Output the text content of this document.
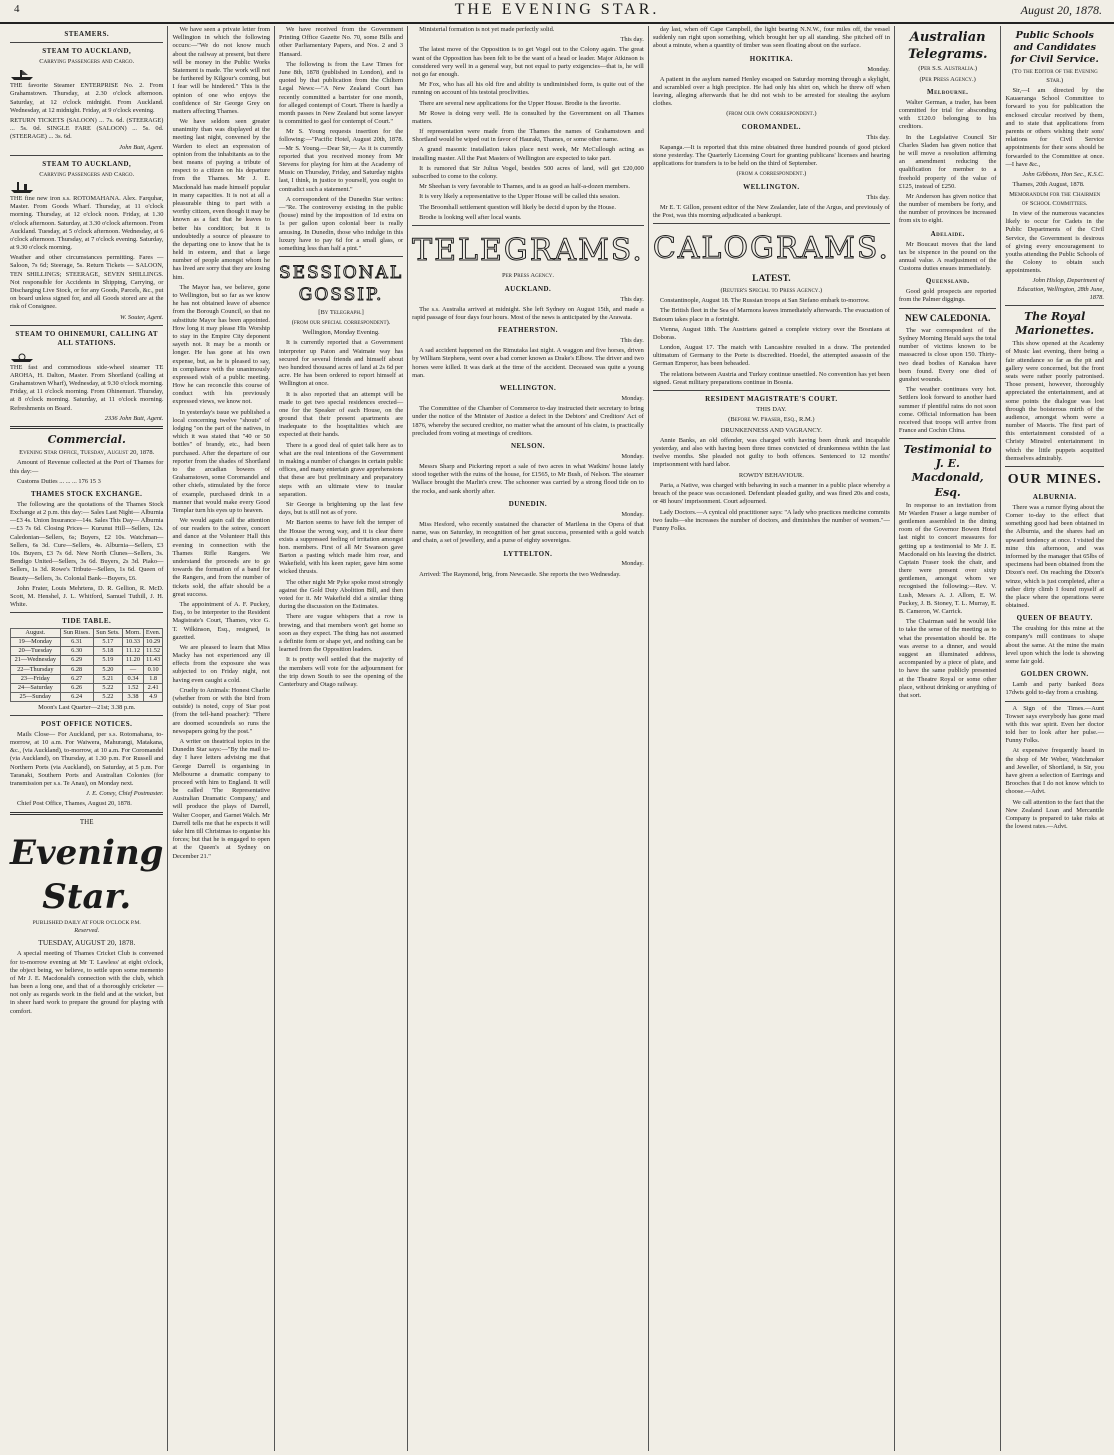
4	THE EVENING STAR.	August 20, 1878.
STEAMERS.
STEAM TO AUCKLAND,
Carrying Passengers and Cargo.

THE favorite Steamer ENTERPRISE No. 2. From Grahamstown. Thursday, at 2.30 o'clock afternoon. Saturday, at 12 o'clock midnight. From Auckland. Wednesday, at 12 midnight. Friday, at 9 o'clock evening.

RETURN TICKETS (SALOON) ... 7s. 6d. (STEERAGE) ... 5s. 0d. SINGLE FARE (SALOON) ... 5s. 0d. (STEERAGE) ... 3s. 6d.

John Butt, Agent.

STEAM TO AUCKLAND,
Carrying Passengers and Cargo.

THE fine new iron s.s. ROTOMAHANA. Alex. Farquhar, Master. From Goods Wharf. Thursday, at 11 o'clock morning. Thursday, at 12 o'clock noon. Friday, at 1.30 o'clock afternoon. Saturday, at 3.30 o'clock afternoon. From Auckland. Tuesday, at 5 o'clock afternoon. Wednesday, at 6 o'clock afternoon. Thursday, at 7 o'clock evening. Saturday, at 9.30 o'clock morning.

Weather and other circumstances permitting. Fares — Saloon, 7s 6d; Steerage, 5s. Return Tickets — SALOON, TEN SHILLINGS; STEERAGE, SEVEN SHILLINGS. Not responsible for Accidents in Shipping, Carrying, or Discharging Live Stock, or for any Goods, Parcels, &c., put on board unless signed for, and all Goods stored are at the risk of Consignee.

W. Souter, Agent.

STEAM TO OHINEMURI, CALLING AT ALL STATIONS.

THE fast and commodious side-wheel steamer TE AROHA, H. Dalton, Master. From Shortland (calling at Grahamstown Wharf), Wednesday, at 9.30 o'clock morning. Friday, at 11 o'clock morning. From Ohinemuri. Thursday, at 8 o'clock morning. Saturday, at 11 o'clock morning. Refreshments on Board.

2336 John Butt, Agent.

Commercial.
Evening Star Office, Tuesday, August 20, 1878.

Amount of Revenue collected at the Port of Thames for this day:—

Customs Duties ... ... ... 176 15 3

THAMES STOCK EXCHANGE.

The following are the quotations of the Thames Stock Exchange at 2 p.m. this day:— Sales Last Night— Alburnia—£3 4s. Union Insurance—14s. Sales This Day— Alburnia—£3 7s 6d. Closing Prices— Kurunui Hill—Sellers, 12s. Caledonian—Sellers, 6s; Buyers, £2 10s. Watchman—Sellers, 6s 3d. Cure—Sellers, 4s. Alburnia—Sellers, £3 10s. Buyers, £3 7s 6d. New North Clunes—Sellers, 3s. Bendigo United—Sellers, 3s 6d. Buyers, 2s 3d. Piako—Sellers, 1s 3d. Rowe's Tribute—Sellers, 1s 6d. Queen of Beauty—Sellers, 3s. Colonial Bank—Buyers, £6.

John Frater, Louis Mehrtens, D. R. Gellion, R. McD. Scott, M. Henshel, J. L. Whitford, Samuel Tuthill, J. H. White.

TIDE TABLE.
August.	Sun Rises.	Sun Sets.	Morn.	Even.
19—Monday	6.31	5.17	10.33	10.29
20—Tuesday	6.30	5.18	11.12	11.52
21—Wednesday	6.29	5.19	11.20	11.43
22—Thursday	6.28	5.20	—	0.10
23—Friday	6.27	5.21	0.34	1.8
24—Saturday	6.26	5.22	1.52	2.41
25—Sunday	6.24	5.22	3.38	4.9

Moon's Last Quarter—21st; 3.38 p.m.

POST OFFICE NOTICES.

Mails Close— For Auckland, per s.s. Rotomahana, to-morrow, at 10 a.m. For Waiwera, Mahurangi, Matakana, &c., (via Auckland), to-morrow, at 10 a.m. For Coromandel (via Auckland), on Thursday, at 1.30 p.m. For Russell and Northern Ports (via Auckland), on Saturday, at 5 p.m. For Taranaki, Southern Ports and Australian Colonies (for transmission per s.s. Te Anau), on Monday next.

J. E. Coney, Chief Postmaster.

Chief Post Office, Thames, August 20, 1878.

THE
Evening Star.
PUBLISHED DAILY AT FOUR O'CLOCK P.M.
Reserved.
TUESDAY, AUGUST 20, 1878.

A special meeting of Thames Cricket Club is convened for to-morrow evening at Mr T. Lawless' at eight o'clock, the object being, we believe, to settle upon some memento of Mr J. E. Macdonald's connection with the club, which has been a long one, and that of a thoroughly cricketer — not only as regards work in the field and at the wicket, but in sheer hard work to prepare the ground for playing with comfort.

We have seen a private letter from Wellington in which the following occurs:—"We do not know much about the railway at present, but there will be money in the Public Works Statement is made. The work will not be furthered by Kilgour's coming, but I fear will be hindered." This is the opinion of one who enjoys the confidence of Sir George Grey on matters affecting Thames.

We have seldom seen greater unanimity than was displayed at the meeting last night, convened by the Warden to elect an expression of opinion from the inhabitants as to the best means of paying a tribute of respect to a citizen on his departure from the Thames. Mr J. E. Macdonald has made himself popular in many capacities. It is not at all a pleasurable thing to part with a worthy citizen, even though it may be known as a fact that he leaves to better his condition; but it is undoubtedly a source of pleasure to the departing one to know that he is held in esteem, and that a large number of people amongst whom he has lived are sorry that they are losing him.

The Mayor has, we believe, gone to Wellington, but so far as we know he has not obtained leave of absence from the Borough Council, so that no substitute Mayor has been appointed. How long it may please His Worship to stay in the Empire City deponent sayeth not. It may be a month or longer. He has gone at his own expense, but, as he is pleased to say, in compliance with the unanimously expressed wish of a public meeting. How he can reconcile this course of conduct with his previously expressed views, we know not.

In yesterday's issue we published a local concerning twelve "shouts" of lodging "on the part of the natives, in which it was stated that "40 or 50 bottles" of brandy, etc., had been purchased. After the departure of our reporter from the shades of Shortland to the arcadian bowers of Grahamstown, some Coromandel and other chiefs, stimulated by the force of example, purchased drink in a manner that would make every Good Templar turn his eyes up to heaven.

We would again call the attention of our readers to the soiree, concert and dance at the Volunteer Hall this evening in connection with the Thames Rifle Rangers. We understand the proceeds are to go towards the formation of a band for the Rangers, and from the number of tickets sold, the affair should be a great success.

The appointment of A. F. Puckey, Esq., to be interpreter to the Resident Magistrate's Court, Thames, vice G. T. Wilkinson, Esq., resigned, is gazetted.

We are pleased to learn that Miss Macky has not experienced any ill effects from the exposure she was subjected to on Friday night, not having even caught a cold.

Cruelty to Animals: Honest Charlie (whether from or with the bird from outside) is noted, copy of Star post (from the tell-hand poacher): "There are doomed scoundrels so runs the newspapers going by the post."

A writer on theatrical topics in the Dunedin Star says:—"By the mail to-day I have letters advising me that George Darrell is organising in Melbourne a dramatic company to proceed with him to England. It will be called 'The Representative Australian Dramatic Company,' and will produce the plays of Darrell, Walter Cooper, and Garnet Walch. Mr Darrell tells me that he expects it will take him till Christmas to organise his forces; but that he is engaged to open at the Queen's at Sydney on December 21."

We have received from the Government Printing Office Gazette No. 70, some Bills and other Parliamentary Papers, and Nos. 2 and 3 Hansard.

The following is from the Law Times for June 8th, 1878 (published in London), and is quoted by that publication from the Chiltern Legal News:—"A New Zealand Court has recently committed a barrister for one month, for alleged contempt of Court. There is hardly a month passes in New Zealand but some lawyer is committed to gaol for contempt of Court."

Mr S. Young requests insertion for the following:—"Pacific Hotel, August 20th, 1878.—Mr S. Young.—Dear Sir,— As it is currently reported that you received money from Mr Stevens for playing for him at the Academy of Music on Thursday, Friday, and Saturday nights last, I think, in justice to yourself, you ought to contradict such a statement."

A correspondent of the Dunedin Star writes:—"Re. The controversy existing in the public (house) mind by the imposition of 1d extra on 1s per gallon upon colonial beer is really amusing. In Dunedin, those who indulge in this luxury have to pay 6d for a small glass, or something less than half a pint."

SESSIONAL GOSSIP.
[By Telegraph.]
(from our special correspondent).

Wellington, Monday Evening.

It is currently reported that a Government interpreter up Paton and Waimate way has secured for several friends and himself about two hundred thousand acres of land at 2s 6d per acre. He has been ordered to report himself at Wellington at once.

It is also reported that an attempt will be made to get two special residences erected—one for the Speaker of each House, on the ground that their present apartments are inadequate to the hospitalities which are expected at their hands.

There is a good deal of quiet talk here as to what are the real intentions of the Government in making a number of changes in certain public offices, and many entertain grave apprehensions that these are but preliminary and preparatory steps with an ultimate view to insular separation.

Sir George is brightening up the last few days, but is still not as of yore.

Mr Barton seems to have felt the temper of the House the wrong way, and it is clear there exists a suppressed feeling of irritation amongst hon. members. First of all Mr Swanson gave Barton a pasting which made him roar, and Wakefield, with his keen rapier, gave him some wicked thrusts.

The other night Mr Pyke spoke most strongly against the Gold Duty Abolition Bill, and then voted for it. Mr Wakefield did a similar thing during the discussion on the Estimates.

There are vague whispers that a row is brewing, and that members won't get home so soon as they expect. The thing has not assumed a definite form or shape yet, and nothing can be learned from the Opposition leaders.

It is pretty well settled that the majority of the members will vote for the adjournment for the trip down South to see the opening of the Canterbury and Otago railway.

Ministerial formation is not yet made perfectly solid.

This day.

The latest move of the Opposition is to get Vogel out to the Colony again. The great want of the Opposition has been felt to be the want of a head or leader. Major Atkinson is considered very well in a general way, but not equal to party exigencies—that is, he will not go far enough.

Mr Fox, who has all his old fire and ability is undiminished form, is quite out of the running on account of his testotal proclivities.

There are several new applications for the Upper House. Brodie is the favorite.

Mr Rowe is doing very well. He is consulted by the Government on all Thames matters.

If representation were made from the Thames the names of Grahamstown and Shortland would be wiped out in favor of Hauraki, Thames, or some other name.

A grand masonic installation takes place next week, Mr McCullough acting as installing master. All the Past Masters of Wellington are expected to take part.

It is rumored that Sir Julius Vogel, besides 500 acres of land, will get £20,000 subscribed to come to the colony.

Mr Sheehan is very favorable to Thames, and is as good as half-a-dozen members.

It is very likely a representative to the Upper House will be called this session.

The Broomhall settlement question will likely be decid d upon by the House.

Brodie is looking well after local wants.

TELEGRAMS.
Per Press Agency.
AUCKLAND.

This day.

The s.s. Australia arrived at midnight. She left Sydney on August 15th, and made a rapid passage of four days four hours. Most of the news is anticipated by the Arawata.

FEATHERSTON.

This day.

A sad accident happened on the Rimutaka last night. A waggon and five horses, driven by William Stephens, went over a bad corner known as Drake's Elbow. The driver and two horses were killed. It was dark at the time of the accident. Deceased was quite a young man.

WELLINGTON.

Monday.

The Committee of the Chamber of Commerce to-day instructed their secretary to bring under the notice of the Minister of Justice a defect in the Debtors' and Creditors' Act of 1876, whereby the secured creditor, no matter what the amount of his claim, is practically precluded from voting at meetings of creditors.

NELSON.

Monday.

Messrs Sharp and Pickering report a sale of two acres in what Watkins' house lately stood together with the ruins of the house, for £1565, to Mr Bush, of Nelson. The steamer Wallace brought the Marlin's crew. The schooner was carried by a strong flood tide on to the rocks, and sank shortly after.

DUNEDIN.

Monday.

Miss Hesford, who recently sustained the character of Marilena in the Opera of that name, was on Saturday, in recognition of her great success, presented with a gold watch and chain, a set of jewellery, and a purse of eighty sovereigns.

LYTTELTON.

Monday.

Arrived: The Raymond, brig, from Newcastle. She reports the two Wednesday.

day last, when off Cape Campbell, the light bearing N.N.W., four miles off, the vessel suddenly ran right upon something, which brought her up all standing. She pitched off in about a minute, when a quantity of timber was seen floating about on the surface.

HOKITIKA.

Monday.

A patient in the asylum named Henley escaped on Saturday morning through a skylight, and scrambled over a high precipice. He had only his shirt on, which he threw off when leaving, alleging afterwards that he did not wish to be arrested for stealing the asylum clothes.

(from our own correspondent.)
COROMANDEL.

This day.

Kapanga.—It is reported that this mine obtained three hundred pounds of good picked stone yesterday. The Quarterly Licensing Court for granting publicans' licenses and hearing applications for transfers is to be held on the third of September.

(from a correspondent.)
WELLINGTON.

This day.

Mr E. T. Gillon, present editor of the New Zealander, late of the Argus, and previously of the Post, was this morning adjudicated a bankrupt.

CALOGRAMS.
LATEST.
(Reuter's Special to Press Agency.)

Constantinople, August 18. The Russian troops at San Stefano embark to-morrow.

The British fleet in the Sea of Marmora leaves immediately afterwards. The evacuation of Batoum takes place in a fortnight.

Vienna, August 18th. The Austrians gained a complete victory over the Bosnians at Doboras.

London, August 17. The match with Lancashire resulted in a draw. The pretended ultimatum of Germany to the Porte is discredited. Hoedel, the attempted assassin of the German Emperor, has been beheaded.

The relations between Austria and Turkey continue unsettled. No convention has yet been signed. Great military preparations continue in Bosnia.

RESIDENT MAGISTRATE'S COURT.
THIS DAY.
(Before W. Fraser, Esq., R.M.)
DRUNKENNESS AND VAGRANCY.

Annie Banks, an old offender, was charged with having been drunk and incapable yesterday, and also with having been three times convicted of drunkenness within the last twelve months. She pleaded not guilty to both offences. Sentenced to 12 months' imprisonment with hard labor.

ROWDY BEHAVIOUR.

Paria, a Native, was charged with behaving in such a manner in a public place whereby a breach of the peace was occasioned. Defendant pleaded guilty, and was fined 20s and costs, or 48 hours' imprisonment. Court adjourned.

Lady Doctors.—A cynical old practitioner says: "A lady who practices medicine commits two faults—she increases the number of doctors, and diminishes the number of women."—Funny Folks.

Australian Telegrams.
(Per S.S. Australia.)
(Per Press Agency.)
Melbourne.

Walter German, a trader, has been committed for trial for absconding with £120.0 belonging to his creditors.

In the Legislative Council Sir Charles Sladen has given notice that he will move a resolution affirming an amendment reducing the qualification for member to a freehold property of the value of £125, instead of £250.

Mr Anderson has given notice that the number of members be forty, and the number of provinces be increased from six to eight.

Adelaide.

Mr Boucaut moves that the land tax be sixpence in the pound on the annual value. A readjustment of the Customs duties ensues immediately.

Queensland.

Good gold prospects are reported from the Palmer diggings.

NEW CALEDONIA.

The war correspondent of the Sydney Morning Herald says the total number of victims known to be massacred is close upon 150. Thirty-two dead bodies of Kanakas have been found. Every one died of gunshot wounds.

The weather continues very hot. Settlers look forward to another hard summer if plentiful rains do not soon come. Official information has been received that troops will arrive from France and Cochin China.

Testimonial to J. E. Macdonald, Esq.

In response to an invitation from Mr Warden Fraser a large number of gentlemen assembled in the dining room of the Governor Bowen Hotel last night to concert measures for getting up a testimonial to Mr J. E. Macdonald on his leaving the district. Captain Fraser took the chair, and there were present over sixty gentlemen, amongst whom we recognised the following:—Rev. V. Lush, Messrs A. J. Allom, E. W. Puckey, J. B. Stoney, T. L. Murray, E. B. Cameron, W. Carrick.

The Chairman said he would like to take the sense of the meeting as to what the presentation should be. He was averse to a dinner, and would suggest an illuminated address, accompanied by a piece of plate, and to have the same publicly presented at the Theatre Royal or some other place, without drinking or anything of that sort.

Public Schools and Candidates for Civil Service.
(To the Editor of the Evening Star.)

Sir,—I am directed by the Kauaeranga School Committee to forward to you for publication the enclosed circular received by them, and to state that applications from parents or others wishing their sons' relations for Civil Service appointments for their sons should be forwarded to the Committee at once.—I have &c.,

John Gibbons, Hon Sec., K.S.C.

Thames, 20th August, 1878.

Memorandum for the Chairmen of School Committees.

In view of the numerous vacancies likely to occur for Cadets in the Public Departments of the Civil Service, the Government is desirous of giving every encouragement to youths attending the Public Schools of the Colony to obtain such appointments.

John Hislop, Department of Education, Wellington, 28th June, 1878.

The Royal Marionettes.

This show opened at the Academy of Music last evening, there being a fair attendance so far as the pit and gallery were concerned, but the front seats were rather poorly patronised. Those present, however, thoroughly appreciated the entertainment, and at some points the dialogue was lost through the boisterous mirth of the audience, amongst whom were a number of Maoris. The first part of this entertainment consisted of a Christy Minstrel entertainment in which the little puppets acquitted themselves admirably.

OUR MINES.
ALBURNIA.

There was a rumor flying about the Corner to-day to the effect that something good had been obtained in the Alburnia, and the shares had an upward tendency at once. I visited the mine this afternoon, and was informed by the manager that 65lbs of specimens had been obtained from the Dixon's reef. On reaching the Dixon's winze, which is just completed, after a rather dirty climb I found myself at the place where the operations were obtained.

QUEEN OF BEAUTY.

The crushing for this mine at the company's mill continues to shape about the same. At the mine the main level upon which the lode is showing some fair gold.

GOLDEN CROWN.

Lamb and party banked 8ozs 17dwts gold to-day from a crushing.

A Sign of the Times.—Aunt Towser says everybody has gone mad with this war spirit. Even her doctor told her to look after her pulse.—Funny Folks.

At expensive frequently heard in the shop of Mr Weber, Watchmaker and Jeweller, of Shortland, is Sir, you have given a selection of Earrings and Brooches that I do not know which to choose.—Advt.

We call attention to the fact that the New Zealand Loan and Mercantile Company is prepared to take risks at the lowest rates.—Advt.
